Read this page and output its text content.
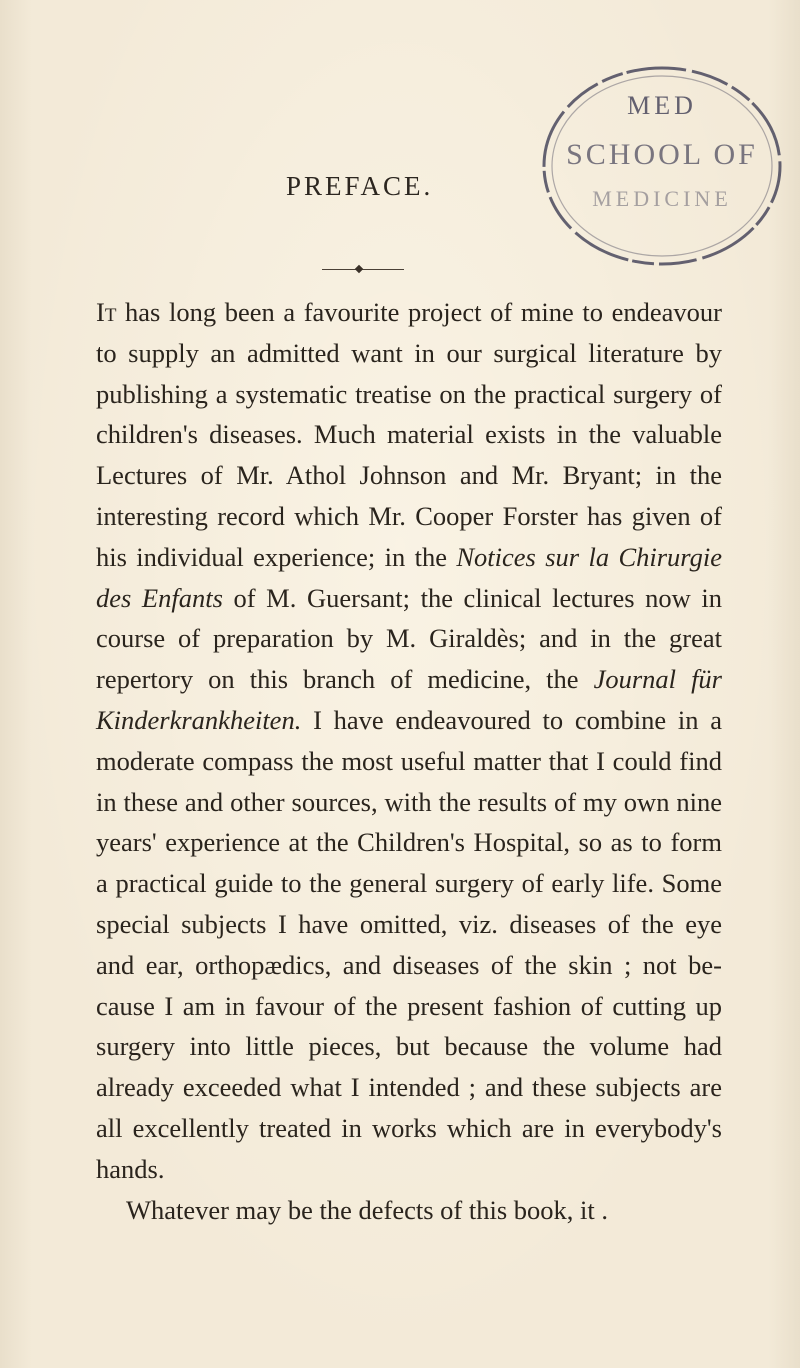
MED
SCHOOL OF
MEDICINE
PREFACE.

It has long been a favourite project of mine to endeavour to supply an admitted want in our surgical literature by publishing a systematic treatise on the practical surgery of children's diseases. Much material exists in the valuable Lectures of Mr. Athol Johnson and Mr. Bryant; in the interesting record which Mr. Cooper Forster has given of his individual experience; in the Notices sur la Chirurgie des Enfants of M. Guersant; the clinical lectures now in course of preparation by M. Giraldès; and in the great repertory on this branch of medicine, the Journal für Kinderkrankheiten. I have endeavoured to combine in a moderate compass the most useful matter that I could find in these and other sources, with the results of my own nine years' experience at the Children's Hospital, so as to form a practical guide to the general surgery of early life. Some special subjects I have omitted, viz. diseases of the eye and ear, orthopædics, and diseases of the skin ; not because I am in favour of the present fashion of cutting up surgery into little pieces, but because the volume had already exceeded what I intended ; and these subjects are all excellently treated in works which are in everybody's hands.

Whatever may be the defects of this book, it .
